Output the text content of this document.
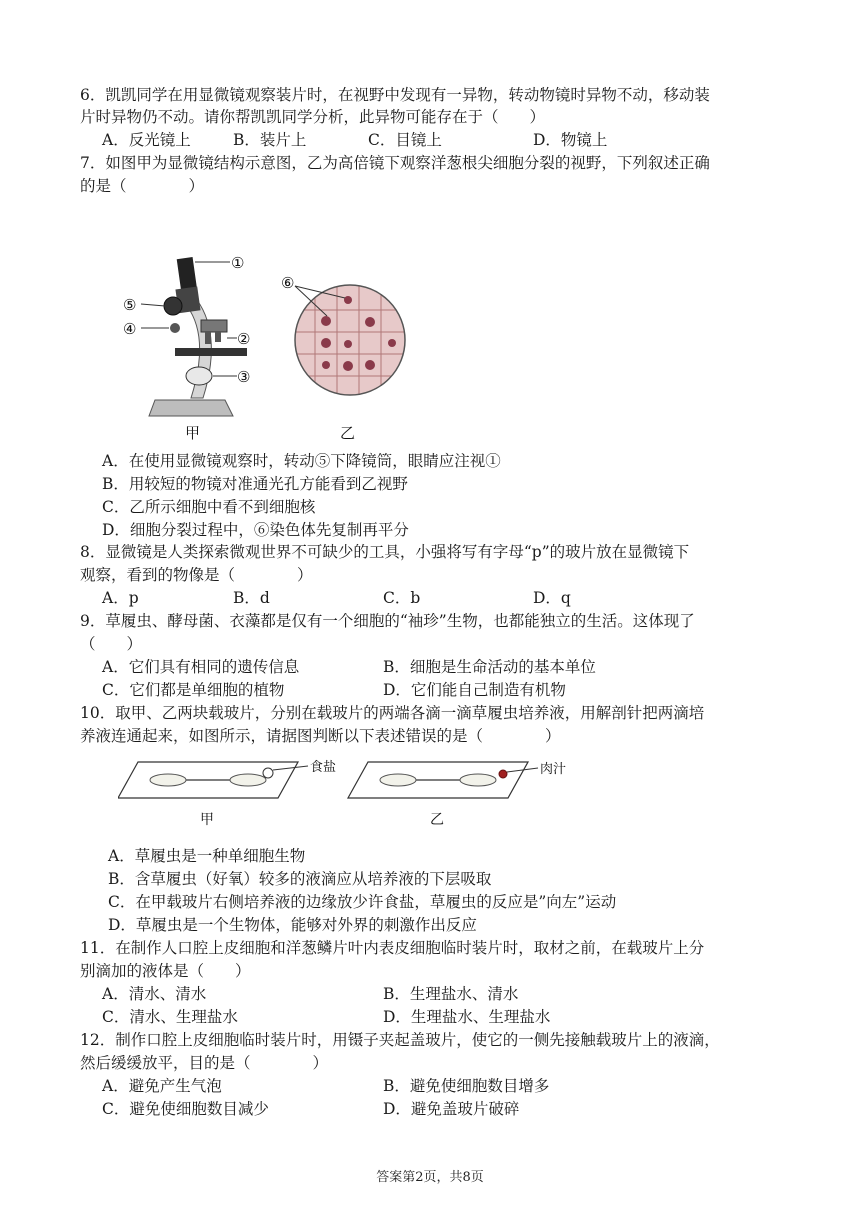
6．凯凯同学在用显微镜观察装片时，在视野中发现有一异物，转动物镜时异物不动，移动装
片时异物仍不动。请你帮凯凯同学分析，此异物可能存在于（　　）
A．反光镜上	B．装片上	C．目镜上	D．物镜上
7．如图甲为显微镜结构示意图，乙为高倍镜下观察洋葱根尖细胞分裂的视野，下列叙述正确
的是（　　　　）
①
②
③
④
⑤
甲
⑥
乙
A．在使用显微镜观察时，转动⑤下降镜筒，眼睛应注视①
B．用较短的物镜对准通光孔方能看到乙视野
C．乙所示细胞中看不到细胞核
D．细胞分裂过程中，⑥染色体先复制再平分
8．显微镜是人类探索微观世界不可缺少的工具，小强将写有字母“p”的玻片放在显微镜下
观察，看到的物像是（　　　　）
A．p	B．d	C．b	D．q
9．草履虫、酵母菌、衣藻都是仅有一个细胞的“袖珍”生物，也都能独立的生活。这体现了
（　　）
A．它们具有相同的遗传信息	B．细胞是生命活动的基本单位
C．它们都是单细胞的植物	D．它们能自己制造有机物
10．取甲、乙两块载玻片，分别在载玻片的两端各滴一滴草履虫培养液，用解剖针把两滴培
养液连通起来，如图所示，请据图判断以下表述错误的是（　　　　）
食盐
甲
肉汁
乙
A．草履虫是一种单细胞生物
B．含草履虫（好氧）较多的液滴应从培养液的下层吸取
C．在甲载玻片右侧培养液的边缘放少许食盐，草履虫的反应是”向左”运动
D．草履虫是一个生物体，能够对外界的刺激作出反应
11．在制作人口腔上皮细胞和洋葱鳞片叶内表皮细胞临时装片时，取材之前，在载玻片上分
别滴加的液体是（　　）
A．清水、清水	B．生理盐水、清水
C．清水、生理盐水	D．生理盐水、生理盐水
12．制作口腔上皮细胞临时装片时，用镊子夹起盖玻片，使它的一侧先接触载玻片上的液滴，
然后缓缓放平，目的是（　　　　）
A．避免产生气泡	B．避免使细胞数目增多
C．避免使细胞数目减少	D．避免盖玻片破碎
答案第2页，共8页
